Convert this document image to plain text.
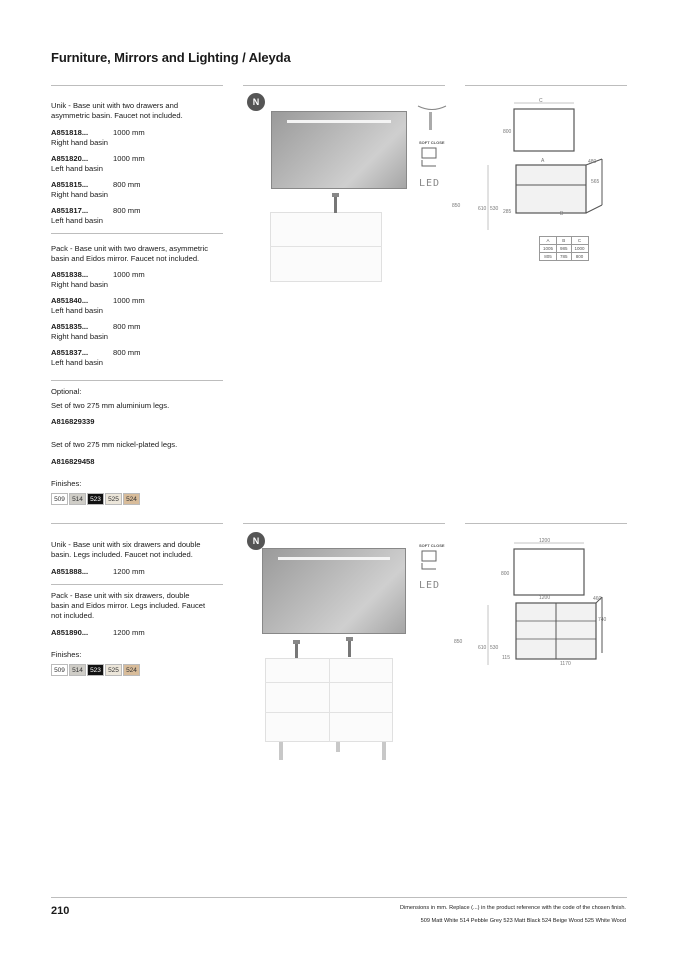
Furniture, Mirrors and Lighting / Aleyda
Unik - Base unit with two drawers and
asymmetric basin. Faucet not included.
A851818...	1000 mm
Right hand basin
A851820...	1000 mm
Left hand basin
A851815...	800 mm
Right hand basin
A851817...	800 mm
Left hand basin
Pack - Base unit with two drawers, asymmetric
basin and Eidos mirror. Faucet not included.
A851838...	1000 mm
Right hand basin
A851840...	1000 mm
Left hand basin
A851835...	800 mm
Right hand basin
A851837...	800 mm
Left hand basin
Optional:
Set of two 275 mm aluminium legs.
A816829339
Set of two 275 mm nickel-plated legs.
A816829458
Finishes:
509	514	523	525	524
N
SOFT CLOSE
LED
C
800
A	480
565
850	610 530 285	B
A	B	C
1005	985	1000
805	785	800
Unik - Base unit with six drawers and double
basin. Legs included. Faucet not included.
A851888...	1200 mm
Pack - Base unit with six drawers, double
basin and Eidos mirror. Legs included. Faucet
not included.
A851890...	1200 mm
Finishes:
509	514	523	525	524
N	SOFT CLOSE
LED
1200
800
1200	460
740
850
610 530
115
1170
210	Dimensions in mm. Replace (...) in the product reference with the code of the chosen finish.
509 Matt White 514 Pebble Grey 523 Matt Black 524 Beige Wood 525 White Wood
